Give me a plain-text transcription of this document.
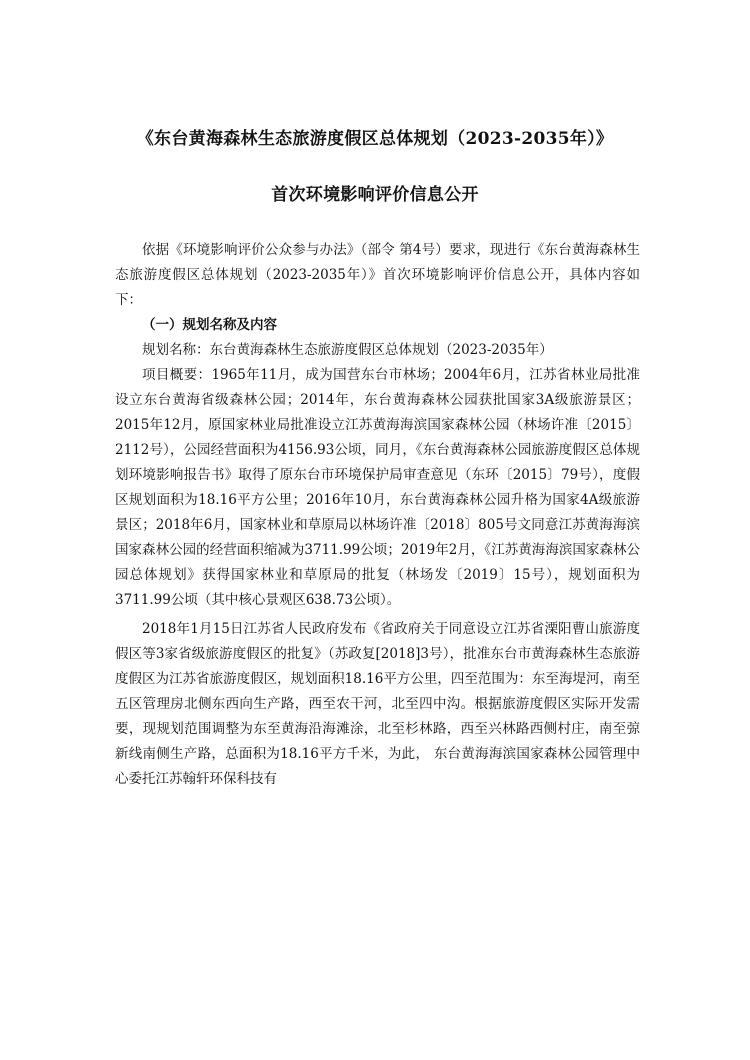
《东台黄海森林生态旅游度假区总体规划（2023-2035年）》
首次环境影响评价信息公开

依据《环境影响评价公众参与办法》（部令 第4号）要求，现进行《东台黄海森林生态旅游度假区总体规划（2023-2035年）》首次环境影响评价信息公开，具体内容如下：

（一）规划名称及内容

规划名称：东台黄海森林生态旅游度假区总体规划（2023-2035年）

项目概要：1965年11月，成为国营东台市林场；2004年6月，江苏省林业局批准设立东台黄海省级森林公园；2014年，东台黄海森林公园获批国家3A级旅游景区；2015年12月，原国家林业局批准设立江苏黄海海滨国家森林公园（林场许准〔2015〕2112号），公园经营面积为4156.93公顷，同月，《东台黄海森林公园旅游度假区总体规划环境影响报告书》取得了原东台市环境保护局审查意见（东环〔2015〕79号），度假区规划面积为18.16平方公里；2016年10月，东台黄海森林公园升格为国家4A级旅游景区；2018年6月，国家林业和草原局以林场许准〔2018〕805号文同意江苏黄海海滨国家森林公园的经营面积缩减为3711.99公顷；2019年2月，《江苏黄海海滨国家森林公园总体规划》获得国家林业和草原局的批复（林场发〔2019〕15号），规划面积为3711.99公顷（其中核心景观区638.73公顷）。

2018年1月15日江苏省人民政府发布《省政府关于同意设立江苏省溧阳曹山旅游度假区等3家省级旅游度假区的批复》（苏政复[2018]3号），批准东台市黄海森林生态旅游度假区为江苏省旅游度假区，规划面积18.16平方公里，四至范围为：东至海堤河，南至五区管理房北侧东西向生产路，西至农干河，北至四中沟。根据旅游度假区实际开发需要，现规划范围调整为东至黄海沿海滩涂，北至杉林路，西至兴林路西侧村庄，南至弶新线南侧生产路，总面积为18.16平方千米，为此， 东台黄海海滨国家森林公园管理中心委托江苏翰轩环保科技有
